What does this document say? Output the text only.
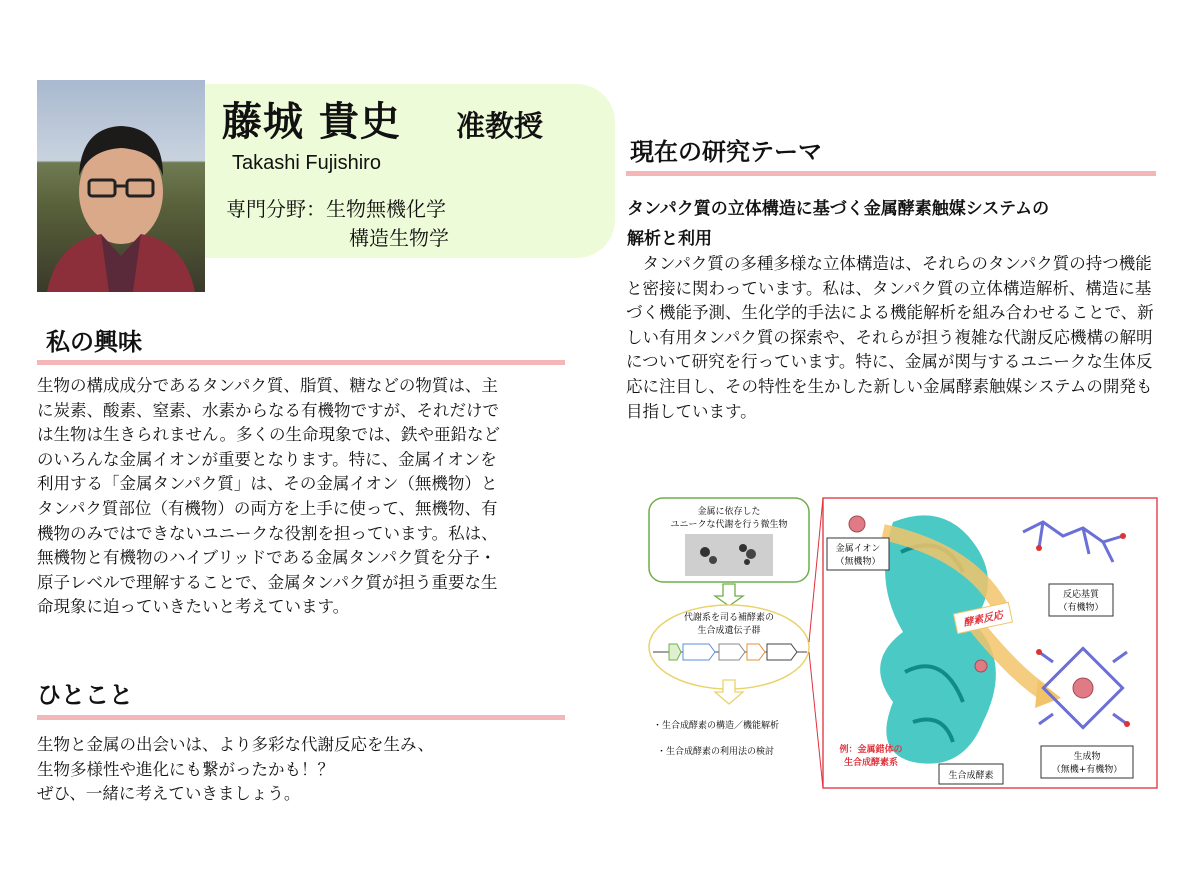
藤城 貴史 准教授
Takashi Fujishiro
専門分野：生物無機化学
構造生物学
私の興味
生物の構成成分であるタンパク質、脂質、糖などの物質は、主
に炭素、酸素、窒素、水素からなる有機物ですが、それだけで
は生物は生きられません。多くの生命現象では、鉄や亜鉛など
のいろんな金属イオンが重要となります。特に、金属イオンを
利用する「金属タンパク質」は、その金属イオン（無機物）と
タンパク質部位（有機物）の両方を上手に使って、無機物、有
機物のみではできないユニークな役割を担っています。私は、
無機物と有機物のハイブリッドである金属タンパク質を分子・
原子レベルで理解することで、金属タンパク質が担う重要な生
命現象に迫っていきたいと考えています。
ひとこと
生物と金属の出会いは、より多彩な代謝反応を生み、
生物多様性や進化にも繋がったかも！？
ぜひ、一緒に考えていきましょう。
現在の研究テーマ
タンパク質の立体構造に基づく金属酵素触媒システムの
解析と利用
タンパク質の多種多様な立体構造は、それらのタンパク質の持つ機能と密接に関わっています。私は、タンパク質の立体構造解析、構造に基づく機能予測、生化学的手法による機能解析を組み合わせることで、新しい有用タンパク質の探索や、それらが担う複雑な代謝反応機構の解明について研究を行っています。特に、金属が関与するユニークな生体反応に注目し、その特性を生かした新しい金属酵素触媒システムの開発も目指しています。
金属に依存した
ユニークな代謝を行う微生物
代謝系を司る補酵素の
生合成遺伝子群
・生合成酵素の構造／機能解析
・生合成酵素の利用法の検討
金属イオン
（無機物）
反応基質
（有機物）
酵素反応
生成物
（無機+有機物）
例：金属錯体の
生合成酵素系
生合成酵素
